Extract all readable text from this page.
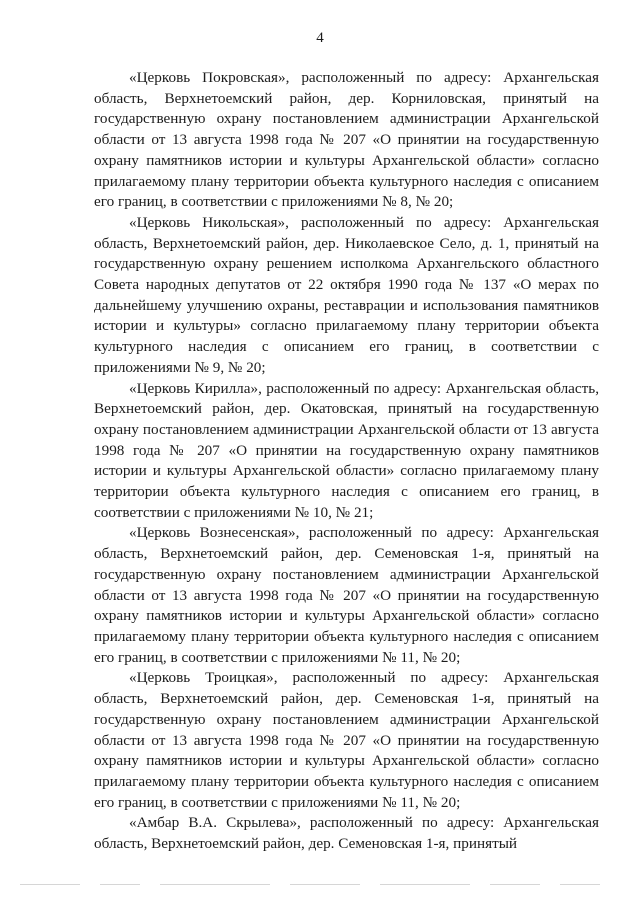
4

«Церковь Покровская», расположенный по адресу: Архангельская область, Верхнетоемский район, дер. Корниловская, принятый на государственную охрану постановлением администрации Архангельской области от 13 августа 1998 года № 207 «О принятии на государственную охрану памятников истории и культуры Архангельской области» согласно прилагаемому плану территории объекта культурного наследия с описанием его границ, в соответствии с приложениями № 8, № 20;

«Церковь Никольская», расположенный по адресу: Архангельская область, Верхнетоемский район, дер. Николаевское Село, д. 1, принятый на государственную охрану решением исполкома Архангельского областного Совета народных депутатов от 22 октября 1990 года № 137 «О мерах по дальнейшему улучшению охраны, реставрации и использования памятников истории и культуры» согласно прилагаемому плану территории объекта культурного наследия с описанием его границ, в соответствии с приложениями № 9, № 20;

«Церковь Кирилла», расположенный по адресу: Архангельская область, Верхнетоемский район, дер. Окатовская, принятый на государственную охрану постановлением администрации Архангельской области от 13 августа 1998 года № 207 «О принятии на государственную охрану памятников истории и культуры Архангельской области» согласно прилагаемому плану территории объекта культурного наследия с описанием его границ, в соответствии с приложениями № 10, № 21;

«Церковь Вознесенская», расположенный по адресу: Архангельская область, Верхнетоемский район, дер. Семеновская 1-я, принятый на государственную охрану постановлением администрации Архангельской области от 13 августа 1998 года № 207 «О принятии на государственную охрану памятников истории и культуры Архангельской области» согласно прилагаемому плану территории объекта культурного наследия с описанием его границ, в соответствии с приложениями № 11, № 20;

«Церковь Троицкая», расположенный по адресу: Архангельская область, Верхнетоемский район, дер. Семеновская 1-я, принятый на государственную охрану постановлением администрации Архангельской области от 13 августа 1998 года № 207 «О принятии на государственную охрану памятников истории и культуры Архангельской области» согласно прилагаемому плану территории объекта культурного наследия с описанием его границ, в соответствии с приложениями № 11, № 20;

«Амбар В.А. Скрылева», расположенный по адресу: Архангельская область, Верхнетоемский район, дер. Семеновская 1-я, принятый
